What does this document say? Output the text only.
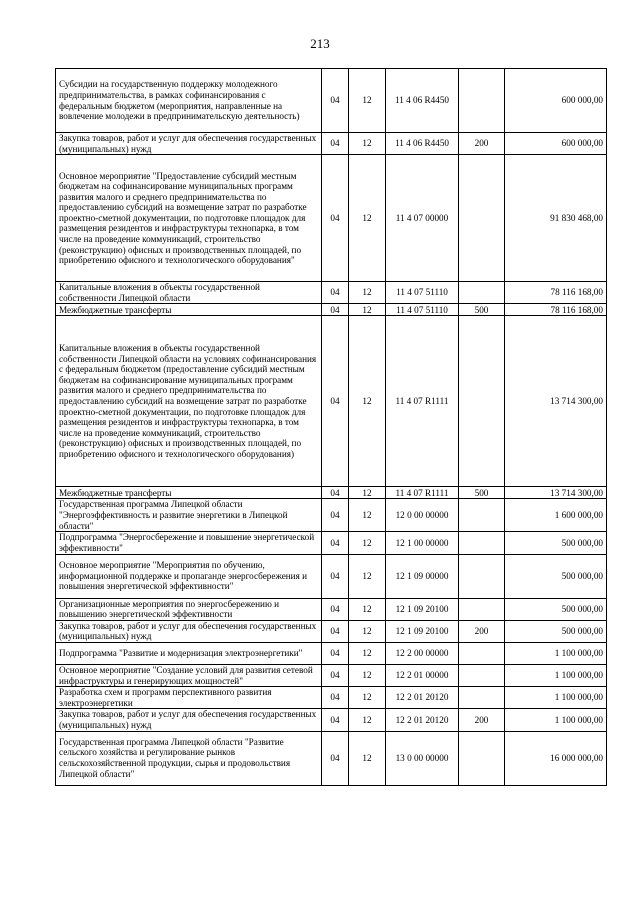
213
Субсидии на государственную поддержку молодежного предпринимательства, в рамках софинансирования с федеральным бюджетом (мероприятия, направленные на вовлечение молодежи в предпринимательскую деятельность)	04	12	11 4 06 R4450		600 000,00
Закупка товаров, работ и услуг для обеспечения государственных (муниципальных) нужд	04	12	11 4 06 R4450	200	600 000,00
Основное мероприятие "Предоставление субсидий местным бюджетам на софинансирование муниципальных программ развития малого и среднего предпринимательства по предоставлению субсидий на возмещение затрат по разработке проектно-сметной документации, по подготовке площадок для размещения резидентов и инфраструктуры технопарка, в том числе на проведение коммуникаций, строительство (реконструкцию) офисных и производственных площадей, по приобретению офисного и технологического оборудования"	04	12	11 4 07 00000		91 830 468,00
Капитальные вложения в объекты государственной собственности Липецкой области	04	12	11 4 07 51110		78 116 168,00
Межбюджетные трансферты	04	12	11 4 07 51110	500	78 116 168,00
Капитальные вложения в объекты государственной собственности Липецкой области на условиях софинансирования с федеральным бюджетом (предоставление субсидий местным бюджетам на софинансирование муниципальных программ развития малого и среднего предпринимательства по предоставлению субсидий на возмещение затрат по разработке проектно-сметной документации, по подготовке площадок для размещения резидентов и инфраструктуры технопарка, в том числе на проведение коммуникаций, строительство (реконструкцию) офисных и производственных площадей, по приобретению офисного и технологического оборудования)	04	12	11 4 07 R1111		13 714 300,00
Межбюджетные трансферты	04	12	11 4 07 R1111	500	13 714 300,00
Государственная программа Липецкой области "Энергоэффективность и развитие энергетики в Липецкой области"	04	12	12 0 00 00000		1 600 000,00
Подпрограмма "Энергосбережение и повышение энергетической эффективности"	04	12	12 1 00 00000		500 000,00
Основное мероприятие "Мероприятия по обучению, информационной поддержке и пропаганде энергосбережения и повышения энергетической эффективности"	04	12	12 1 09 00000		500 000,00
Организационные мероприятия по энергосбережению и повышению энергетической эффективности	04	12	12 1 09 20100		500 000,00
Закупка товаров, работ и услуг для обеспечения государственных (муниципальных) нужд	04	12	12 1 09 20100	200	500 000,00
Подпрограмма "Развитие и модернизация электроэнергетики"	04	12	12 2 00 00000		1 100 000,00
Основное мероприятие "Создание условий для развития сетевой инфраструктуры и генерирующих мощностей"	04	12	12 2 01 00000		1 100 000,00
Разработка схем и программ перспективного развития электроэнергетики	04	12	12 2 01 20120		1 100 000,00
Закупка товаров, работ и услуг для обеспечения государственных (муниципальных) нужд	04	12	12 2 01 20120	200	1 100 000,00
Государственная программа Липецкой области "Развитие сельского хозяйства и регулирование рынков сельскохозяйственной продукции, сырья и продовольствия Липецкой области"	04	12	13 0 00 00000		16 000 000,00
